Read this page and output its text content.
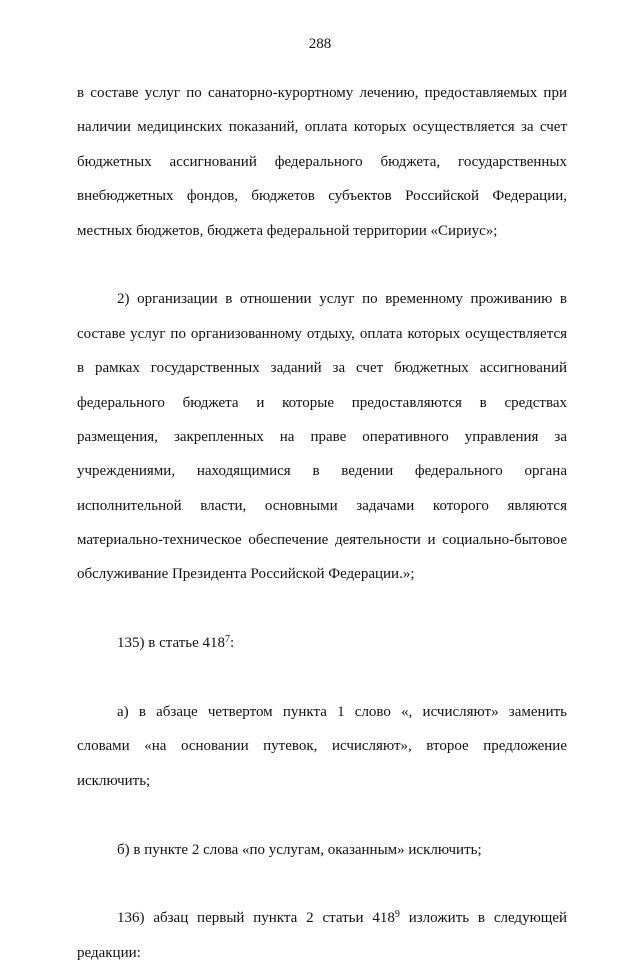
288
в составе услуг по санаторно-курортному лечению, предоставляемых при
наличии медицинских показаний, оплата которых осуществляется за счет
бюджетных ассигнований федерального бюджета, государственных
внебюджетных фондов, бюджетов субъектов Российской Федерации,
местных бюджетов, бюджета федеральной территории «Сириус»;
2) организации в отношении услуг по временному проживанию в
составе услуг по организованному отдыху, оплата которых осуществляется
в рамках государственных заданий за счет бюджетных ассигнований
федерального бюджета и которые предоставляются в средствах
размещения, закрепленных на праве оперативного управления за
учреждениями, находящимися в ведении федерального органа
исполнительной власти, основными задачами которого являются
материально-техническое обеспечение деятельности и социально-бытовое
обслуживание Президента Российской Федерации.»;
135) в статье $418^7$:
а) в абзаце четвертом пункта 1 слово «, исчисляют» заменить
словами «на основании путевок, исчисляют», второе предложение
исключить;
б) в пункте 2 слова «по услугам, оказанным» исключить;
136) абзац первый пункта 2 статьи $418^9$ изложить в следующей
редакции:
